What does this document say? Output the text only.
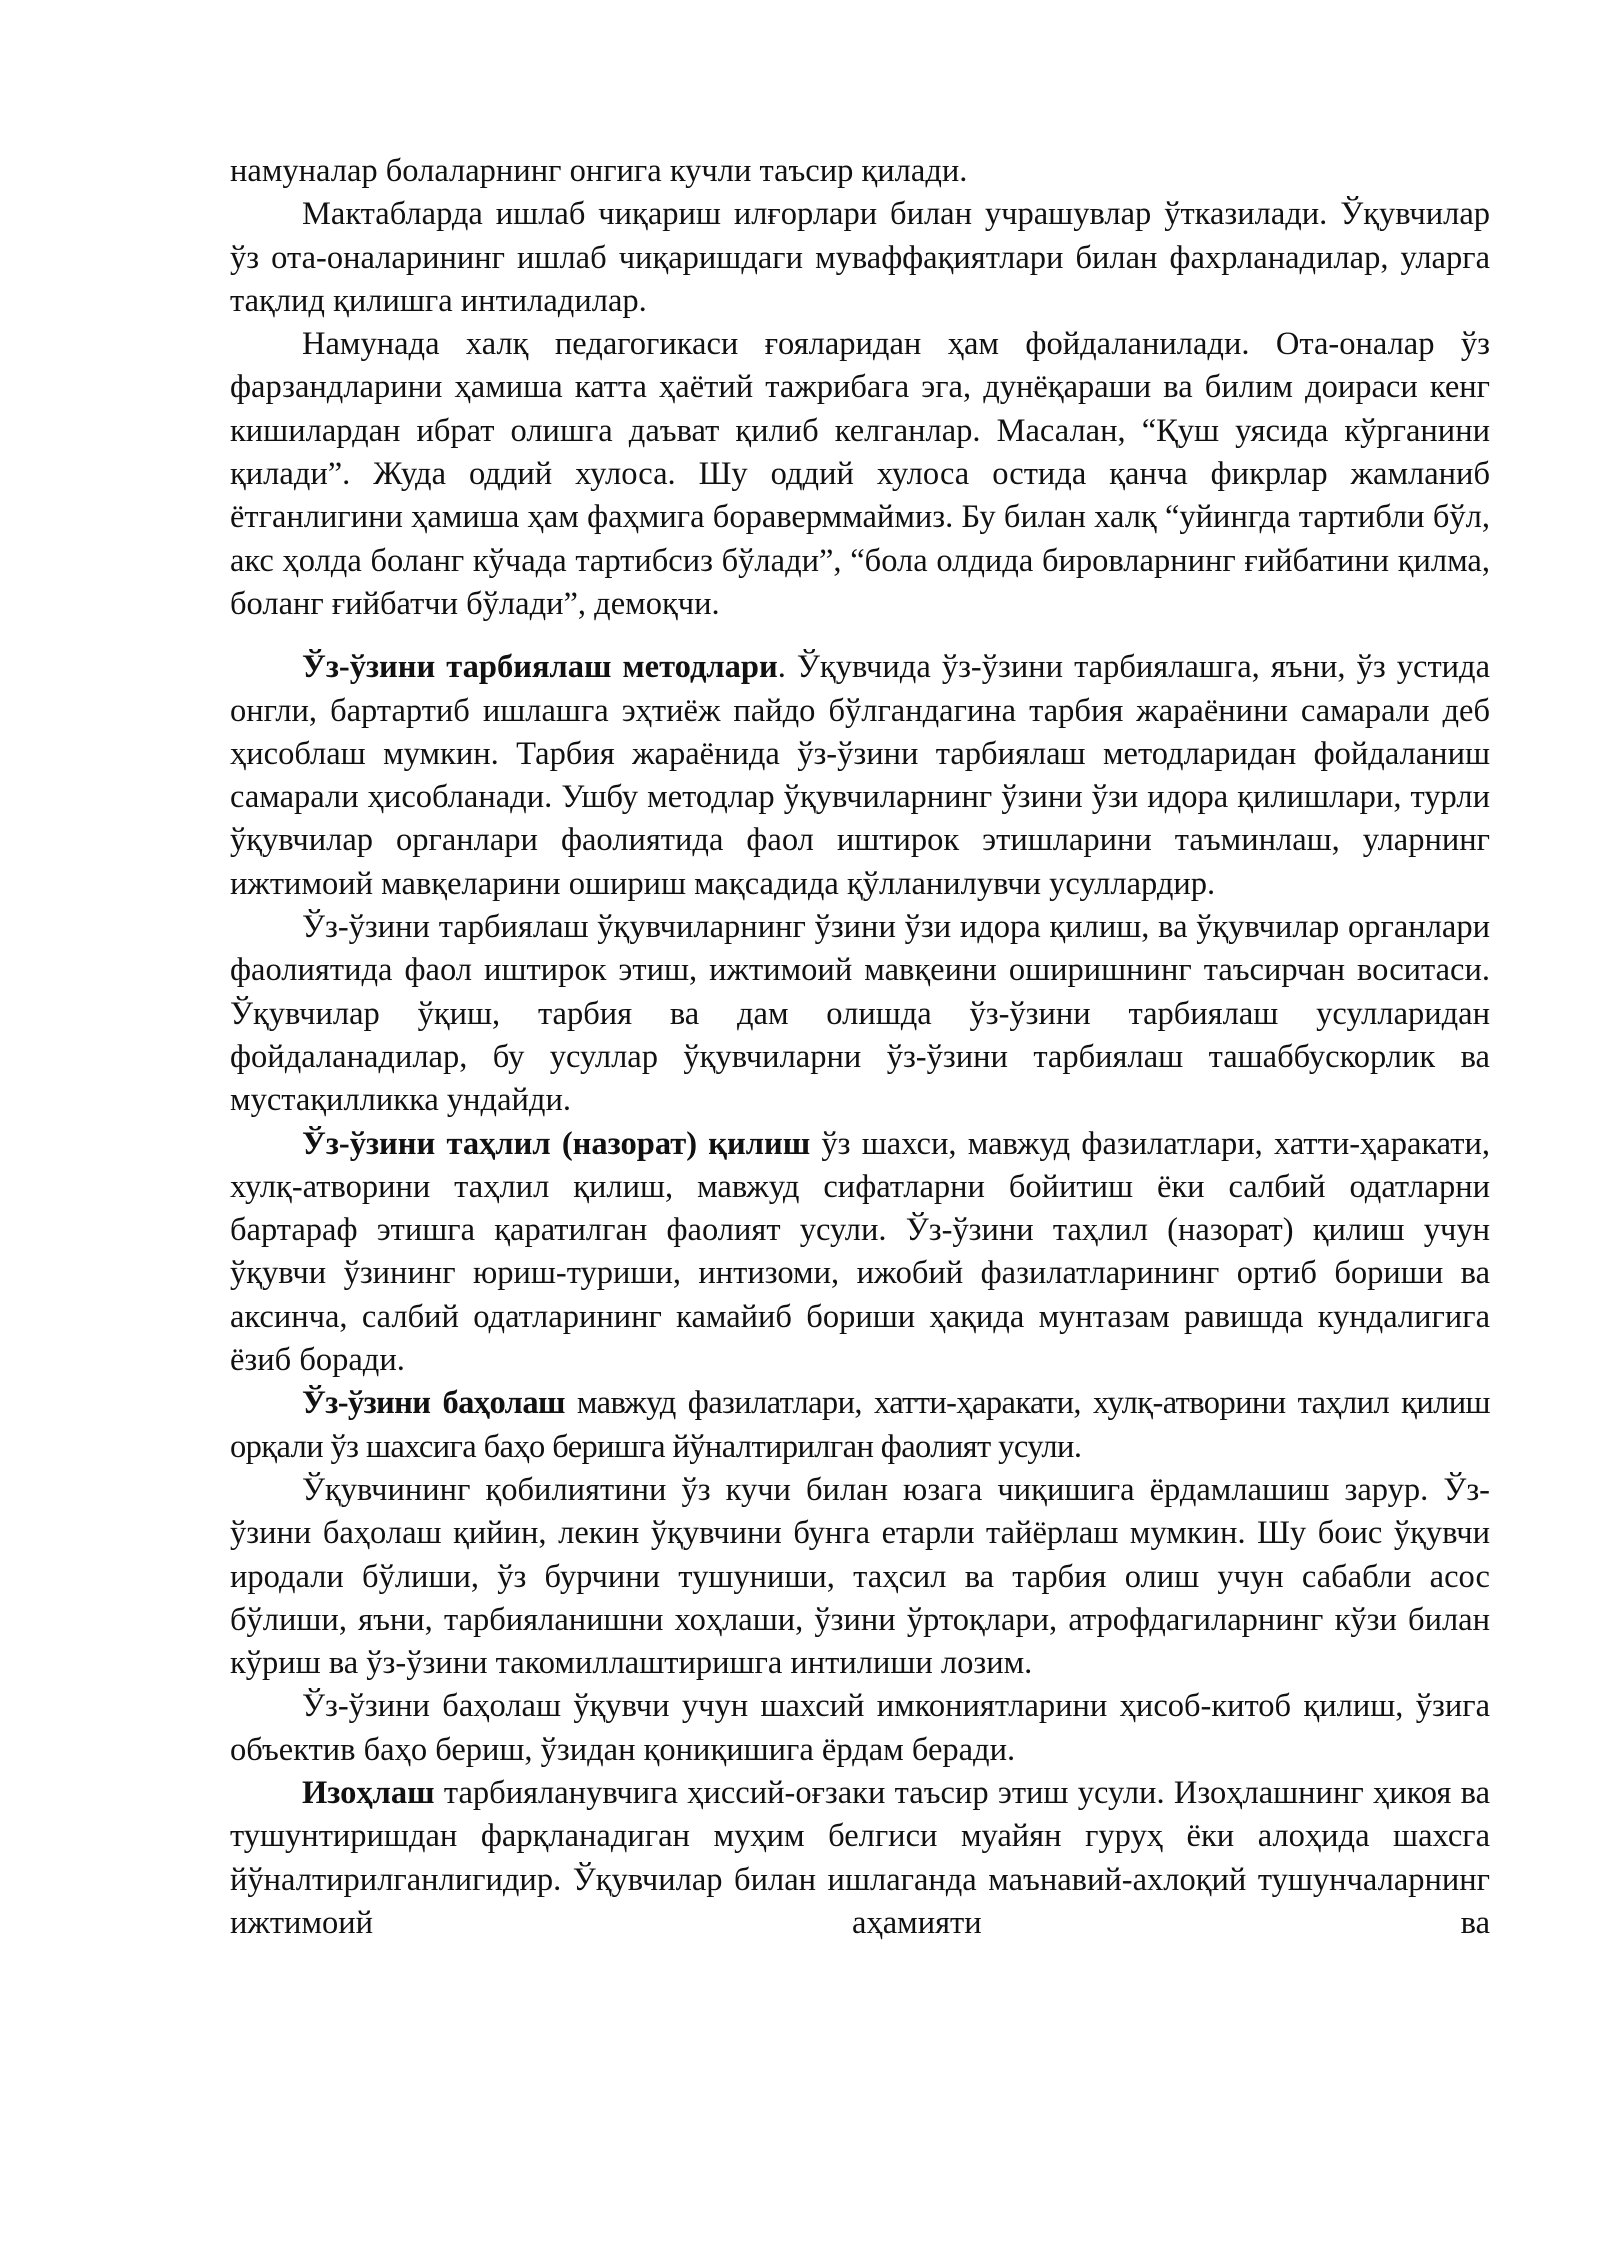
намуналар болаларнинг онгига кучли таъсир қилади.
Мактабларда ишлаб чиқариш илғорлари билан учрашувлар ўтказилади. Ўқувчилар ўз ота-оналарининг ишлаб чиқаришдаги муваффақиятлари билан фахрланадилар, уларга тақлид қилишга интиладилар.
Намунада халқ педагогикаси ғояларидан ҳам фойдаланилади. Ота-оналар ўз фарзандларини ҳамиша катта ҳаётий тажрибага эга, дунёқараши ва билим доираси кенг кишилардан ибрат олишга даъват қилиб келганлар. Масалан, “Қуш уясида кўрганини қилади”. Жуда оддий хулоса. Шу оддий хулоса остида қанча фикрлар жамланиб ётганлигини ҳамиша ҳам фаҳмига бораверммаймиз. Бу билан халқ “уйингда тартибли бўл, акс ҳолда боланг кўчада тартибсиз бўлади”, “бола олдида бировларнинг ғийбатини қилма, боланг ғийбатчи бўлади”, демоқчи.
Ўз-ўзини тарбиялаш методлари. Ўқувчида ўз-ўзини тарбиялашга, яъни, ўз устида онгли, бартартиб ишлашга эҳтиёж пайдо бўлгандагина тарбия жараёнини самарали деб ҳисоблаш мумкин. Тарбия жараёнида ўз-ўзини тарбиялаш методларидан фойдаланиш самарали ҳисобланади. Ушбу методлар ўқувчиларнинг ўзини ўзи идора қилишлари, турли ўқувчилар органлари фаолиятида фаол иштирок этишларини таъминлаш, уларнинг ижтимоий мавқеларини ошириш мақсадида қўлланилувчи усуллардир.
Ўз-ўзини тарбиялаш ўқувчиларнинг ўзини ўзи идора қилиш, ва ўқувчилар органлари фаолиятида фаол иштирок этиш, ижтимоий мавқеини оширишнинг таъсирчан воситаси. Ўқувчилар ўқиш, тарбия ва дам олишда ўз-ўзини тарбиялаш усулларидан фойдаланадилар, бу усуллар ўқувчиларни ўз-ўзини тарбиялаш ташаббускорлик ва мустақилликка ундайди.
Ўз-ўзини таҳлил (назорат) қилиш ўз шахси, мавжуд фазилатлари, хатти-ҳаракати, хулқ-атворини таҳлил қилиш, мавжуд сифатларни бойитиш ёки салбий одатларни бартараф этишга қаратилган фаолият усули. Ўз-ўзини таҳлил (назорат) қилиш учун ўқувчи ўзининг юриш-туриши, интизоми, ижобий фазилатларининг ортиб бориши ва аксинча, салбий одатларининг камайиб бориши ҳақида мунтазам равишда кундалигига ёзиб боради.
Ўз-ўзини баҳолаш мавжуд фазилатлари, хатти-ҳаракати, хулқ-атворини таҳлил қилиш орқали ўз шахсига баҳо беришга йўналтирилган фаолият усули.
Ўқувчининг қобилиятини ўз кучи билан юзага чиқишига ёрдамлашиш зарур. Ўз-ўзини баҳолаш қийин, лекин ўқувчини бунга етарли тайёрлаш мумкин. Шу боис ўқувчи иродали бўлиши, ўз бурчини тушуниши, таҳсил ва тарбия олиш учун сабабли асос бўлиши, яъни, тарбияланишни хоҳлаши, ўзини ўртоқлари, атрофдагиларнинг кўзи билан кўриш ва ўз-ўзини такомиллаштиришга интилиши лозим.
Ўз-ўзини баҳолаш ўқувчи учун шахсий имкониятларини ҳисоб-китоб қилиш, ўзига объектив баҳо бериш, ўзидан қониқишига ёрдам беради.
Изоҳлаш тарбияланувчига ҳиссий-оғзаки таъсир этиш усули. Изоҳлашнинг ҳикоя ва тушунтиришдан фарқланадиган муҳим белгиси муайян гуруҳ ёки алоҳида шахсга йўналтирилганлигидир. Ўқувчилар билан ишлаганда маънавий-ахлоқий тушунчаларнинг ижтимоий аҳамияти ва
